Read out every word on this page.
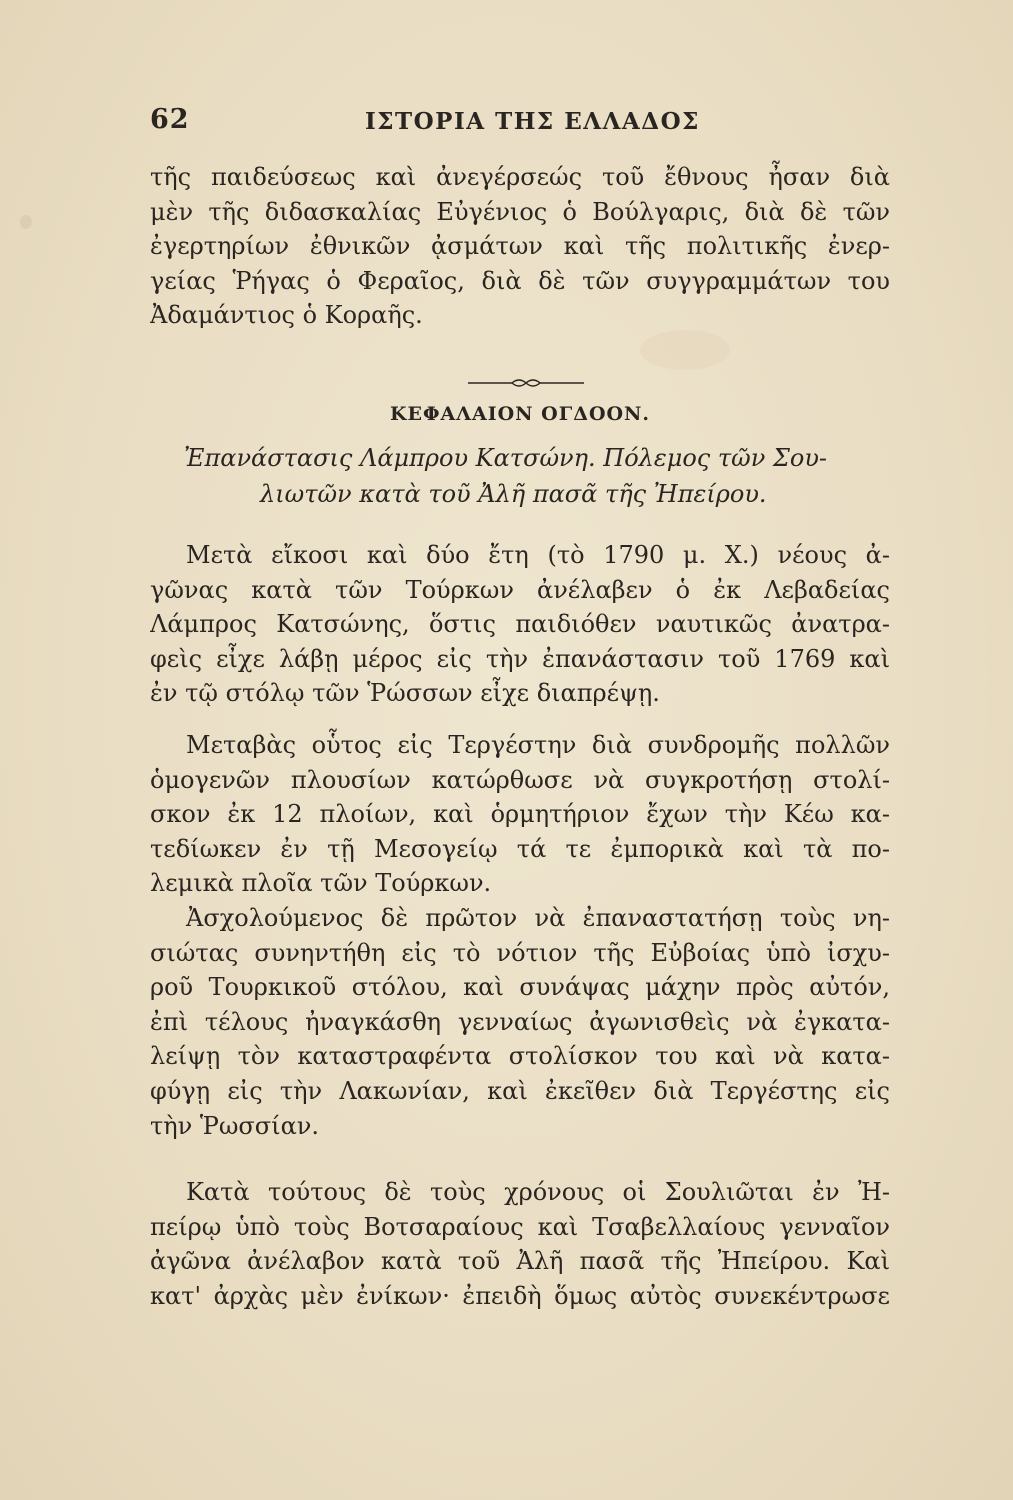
62	ΙΣΤΟΡΙΑ ΤΗΣ ΕΛΛΑΔΟΣ
τῆς παιδεύσεως καὶ ἀνεγέρσεώς τοῦ ἔθνους ἦσαν διὰ
μὲν τῆς διδασκαλίας Εὐγένιος ὁ Βούλγαρις, διὰ δὲ τῶν
ἐγερτηρίων ἐθνικῶν ᾀσμάτων καὶ τῆς πολιτικῆς ἐνερ-
γείας Ῥήγας ὁ Φεραῖος, διὰ δὲ τῶν συγγραμμάτων του
Ἀδαμάντιος ὁ Κοραῆς.
ΚΕΦΑΛΑΙΟΝ ΟΓΔΟΟΝ.
Ἐπανάστασις Λάμπρου Κατσώνη. Πόλεμος τῶν Σου-
λιωτῶν κατὰ τοῦ Ἀλῆ πασᾶ τῆς Ἠπείρου.
Μετὰ εἴκοσι καὶ δύο ἔτη (τὸ 1790 μ. Χ.) νέους ἀ-
γῶνας κατὰ τῶν Τούρκων ἀνέλαβεν ὁ ἐκ Λεβαδείας
Λάμπρος Κατσώνης, ὅστις παιδιόθεν ναυτικῶς ἀνατρα-
φεὶς εἶχε λάβῃ μέρος εἰς τὴν ἐπανάστασιν τοῦ 1769 καὶ
ἐν τῷ στόλῳ τῶν Ῥώσσων εἶχε διαπρέψῃ.
Μεταβὰς οὗτος εἰς Τεργέστην διὰ συνδρομῆς πολλῶν
ὁμογενῶν πλουσίων κατώρθωσε νὰ συγκροτήσῃ στολί-
σκον ἐκ 12 πλοίων, καὶ ὁρμητήριον ἔχων τὴν Κέω κα-
τεδίωκεν ἐν τῇ Μεσογείῳ τά τε ἐμπορικὰ καὶ τὰ πο-
λεμικὰ πλοῖα τῶν Τούρκων.
Ἀσχολούμενος δὲ πρῶτον νὰ ἐπαναστατήσῃ τοὺς νη-
σιώτας συνηντήθη εἰς τὸ νότιον τῆς Εὐβοίας ὑπὸ ἰσχυ-
ροῦ Τουρκικοῦ στόλου, καὶ συνάψας μάχην πρὸς αὐτόν,
ἐπὶ τέλους ἠναγκάσθη γενναίως ἀγωνισθεὶς νὰ ἐγκατα-
λείψῃ τὸν καταστραφέντα στολίσκον του καὶ νὰ κατα-
φύγῃ εἰς τὴν Λακωνίαν, καὶ ἐκεῖθεν διὰ Τεργέστης εἰς
τὴν Ῥωσσίαν.
Κατὰ τούτους δὲ τοὺς χρόνους οἱ Σουλιῶται ἐν Ἠ-
πείρῳ ὑπὸ τοὺς Βοτσαραίους καὶ Τσαβελλαίους γενναῖον
ἀγῶνα ἀνέλαβον κατὰ τοῦ Ἀλῆ πασᾶ τῆς Ἠπείρου. Καὶ
κατ' ἀρχὰς μὲν ἐνίκων· ἐπειδὴ ὅμως αὐτὸς συνεκέντρωσε
